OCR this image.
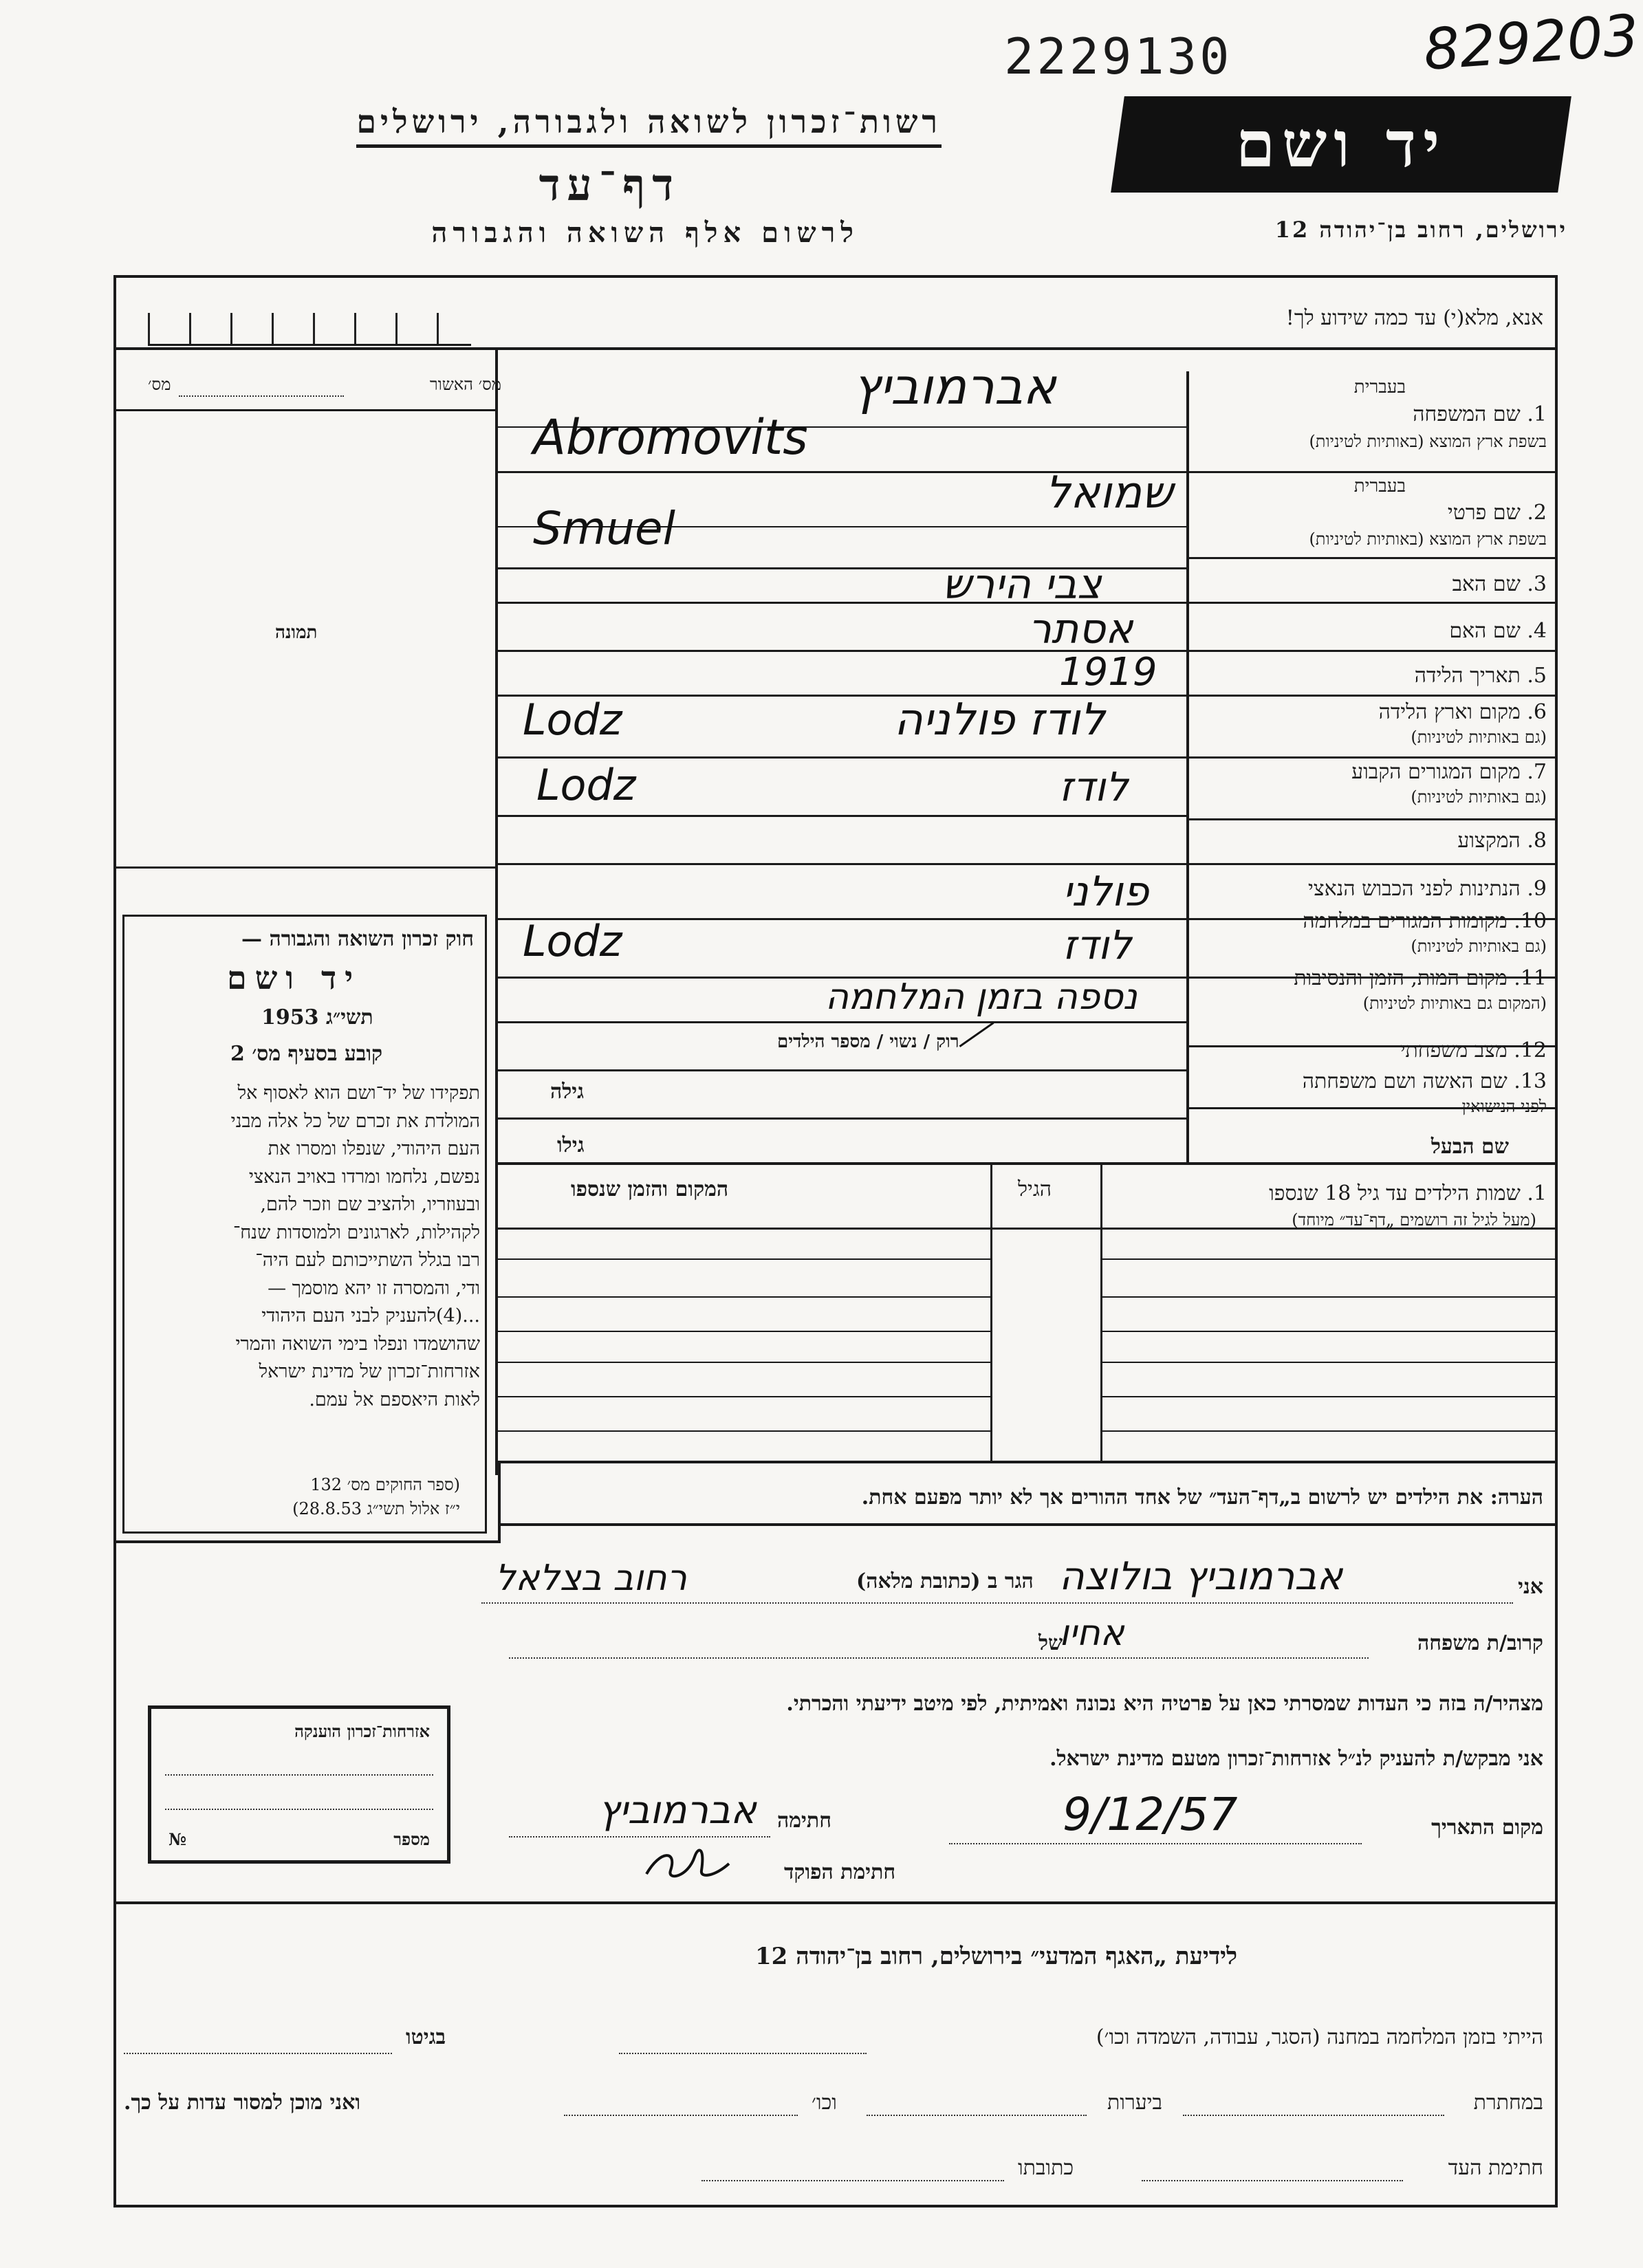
2229130	829203
רשות־זכרון לשואה ולגבורה, ירושלים
דף־עד
לרשום אלף השואה והגבורה
יד ושם
ירושלים, רחוב בן־יהודה 12
אנא, מלא(י) עד כמה שידוע לך!
מס׳ האשור
מס׳
תמונה
חוק זכרון השואה והגבורה —
יד ושם
תשי״ג 1953
קובע בסעיף מס׳ 2
תפקידו של יד־ושם הוא לאסוף אל
המולדת את זכרם של כל אלה מבני
העם היהודי, שנפלו ומסרו את
נפשם, נלחמו ומרדו באויב הנאצי
ובעוזריו, ולהציב שם וזכר להם,
לקהילות, לארגונים ולמוסדות שנח־
רבו בגלל השתייכותם לעם היה־
ודי, והמסרה זו יהא מוסמך —
...(4)להעניק לבני העם היהודי
שהושמדו ונפלו בימי השואה והמרי
אזרחות־זכרון של מדינת ישראל
לאות היאספם אל עמם.
(ספר החוקים מס׳ 132
י״ז אלול תשי״ג 28.8.53)
בעברית
1. שם המשפחה
בשפת ארץ המוצא (באותיות לטיניות)
בעברית
2. שם פרטי
בשפת ארץ המוצא (באותיות לטיניות)
3. שם האב
4. שם האם
5. תאריך הלידה
6. מקום וארץ הלידה
(גם באותיות לטיניות)
7. מקום המגורים הקבוע
(גם באותיות לטיניות)
8. המקצוע
9. הנתינות לפני הכבוש הנאצי
10. מקומות המגורים במלחמה
(גם באותיות לטיניות)
11. מקום המות, הזמן והנסיבות
(המקום גם באותיות לטיניות)
12. מצב משפחתי
13. שם האשה ושם משפחתה
לפני הנישואין
שם הבעל
אברמוביץ
Abromovits
שמואל
Smuel
צבי הירש
אסתר
1919
לודז פולניה
Lodz
לודז
Lodz
פולני
לודז
Lodz
נספה בזמן המלחמה
רוק / נשוי / מספר הילדים
גילה
גילו
1. שמות הילדים עד גיל 18 שנספו
(מעל לגיל זה רושמים „דף־עד״ מיוחד)
הגיל
המקום והזמן שנספו
הערה: את הילדים יש לרשום ב„דף־העד״ של אחד ההורים אך לא יותר מפעם אחת.
אני
אברמוביץ בולוצה
הגר ב (כתובת מלאה)
רחוב בצלאל
קרוב/ת משפחה
אחיו
של
מצהיר/ה בזה כי העדות שמסרתי כאן על פרטיה היא נכונה ואמיתית, לפי מיטב ידיעתי והכרתי.
אני מבקש/ת להעניק לנ״ל אזרחות־זכרון מטעם מדינת ישראל.
מקום התאריך
9/12/57
חתימה
אברמוביץ
חתימת הפוקד
אזרחות־זכרון הוענקה
מספר
№
לידיעת „האגף המדעי״ בירושלים, רחוב בן־יהודה 12
הייתי בזמן המלחמה במחנה (הסגר, עבודה, השמדה וכו׳)
בגיטו
במחתרת
ביערות
וכו׳
ואני מוכן למסור עדות על כך.
חתימת העד
כתובתו
